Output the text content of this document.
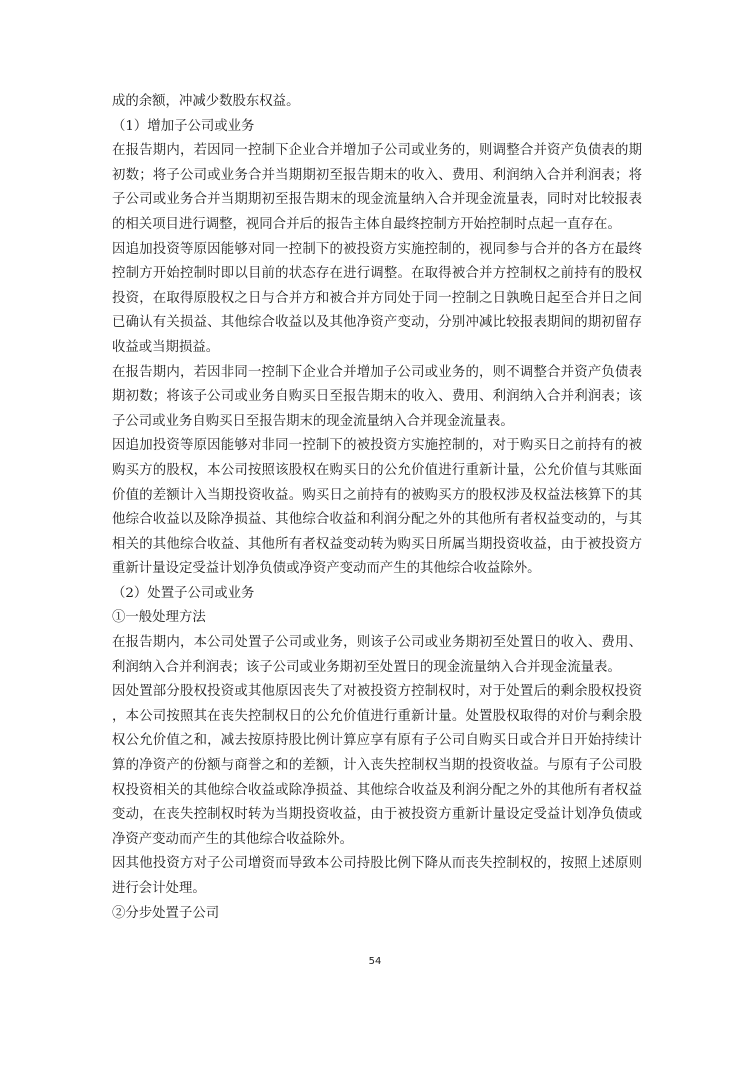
成的余额，冲减少数股东权益。

（1）增加子公司或业务

在报告期内，若因同一控制下企业合并增加子公司或业务的，则调整合并资产负债表的期初数；将子公司或业务合并当期期初至报告期末的收入、费用、利润纳入合并利润表；将子公司或业务合并当期期初至报告期末的现金流量纳入合并现金流量表，同时对比较报表的相关项目进行调整，视同合并后的报告主体自最终控制方开始控制时点起一直存在。

因追加投资等原因能够对同一控制下的被投资方实施控制的，视同参与合并的各方在最终控制方开始控制时即以目前的状态存在进行调整。在取得被合并方控制权之前持有的股权投资，在取得原股权之日与合并方和被合并方同处于同一控制之日孰晚日起至合并日之间已确认有关损益、其他综合收益以及其他净资产变动，分别冲减比较报表期间的期初留存收益或当期损益。

在报告期内，若因非同一控制下企业合并增加子公司或业务的，则不调整合并资产负债表期初数；将该子公司或业务自购买日至报告期末的收入、费用、利润纳入合并利润表；该子公司或业务自购买日至报告期末的现金流量纳入合并现金流量表。

因追加投资等原因能够对非同一控制下的被投资方实施控制的，对于购买日之前持有的被购买方的股权，本公司按照该股权在购买日的公允价值进行重新计量，公允价值与其账面价值的差额计入当期投资收益。购买日之前持有的被购买方的股权涉及权益法核算下的其他综合收益以及除净损益、其他综合收益和利润分配之外的其他所有者权益变动的，与其相关的其他综合收益、其他所有者权益变动转为购买日所属当期投资收益，由于被投资方重新计量设定受益计划净负债或净资产变动而产生的其他综合收益除外。

（2）处置子公司或业务

①一般处理方法

在报告期内，本公司处置子公司或业务，则该子公司或业务期初至处置日的收入、费用、利润纳入合并利润表；该子公司或业务期初至处置日的现金流量纳入合并现金流量表。

因处置部分股权投资或其他原因丧失了对被投资方控制权时，对于处置后的剩余股权投资，本公司按照其在丧失控制权日的公允价值进行重新计量。处置股权取得的对价与剩余股权公允价值之和，减去按原持股比例计算应享有原有子公司自购买日或合并日开始持续计算的净资产的份额与商誉之和的差额，计入丧失控制权当期的投资收益。与原有子公司股权投资相关的其他综合收益或除净损益、其他综合收益及利润分配之外的其他所有者权益变动，在丧失控制权时转为当期投资收益，由于被投资方重新计量设定受益计划净负债或净资产变动而产生的其他综合收益除外。

因其他投资方对子公司增资而导致本公司持股比例下降从而丧失控制权的，按照上述原则进行会计处理。

②分步处置子公司

54
